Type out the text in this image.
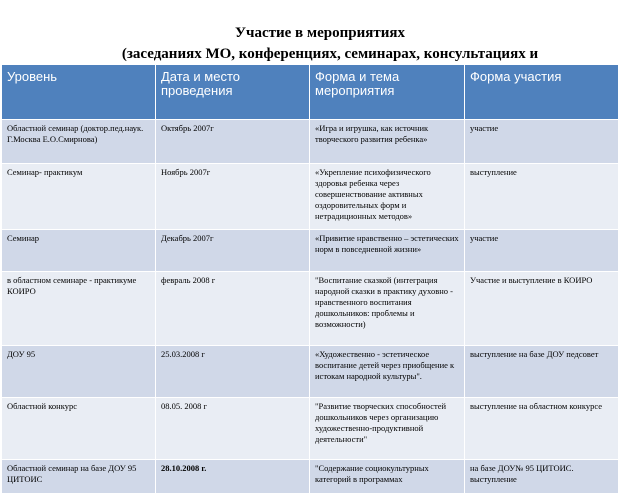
Участие в мероприятиях
(заседаниях МО, конференциях, семинарах, консультациях и
Уровень	Дата и место проведения	Форма и тема мероприятия	Форма участия
Областной семинар (доктор.пед.наук. Г.Москва Е.О.Смирнова)	Октябрь 2007г	«Игра и игрушка, как источник творческого развития ребенка»	участие
Семинар- практикум	Ноябрь 2007г	«Укрепление психофизического здоровья ребенка через совершенствование активных оздоровительных форм и нетрадиционных методов»	выступление
Семинар	Декабрь 2007г	«Привитие нравственно – эстетических норм в повседневной жизни»	участие
в областном семинаре - практикуме КОИРО	февраль 2008 г	"Воспитание сказкой (интеграция народной сказки в практику духовно - нравственного воспитания дошкольников: проблемы и возможности)	Участие и выступление в КОИРО
ДОУ 95	25.03.2008 г	«Художественно - эстетическое воспитание детей через приобщение к истокам народной культуры".	выступление на базе ДОУ педсовет
Областной конкурс	08.05. 2008 г	"Развитие творческих способностей дошкольников через организацию художественно-продуктивной деятельности"	выступление на областном конкурсе
Областной семинар на базе ДОУ 95 ЦИТОИС	28.10.2008 г.	"Содержание социокультурных категорий в программах	на базе ДОУ№ 95 ЦИТОИС. выступление
